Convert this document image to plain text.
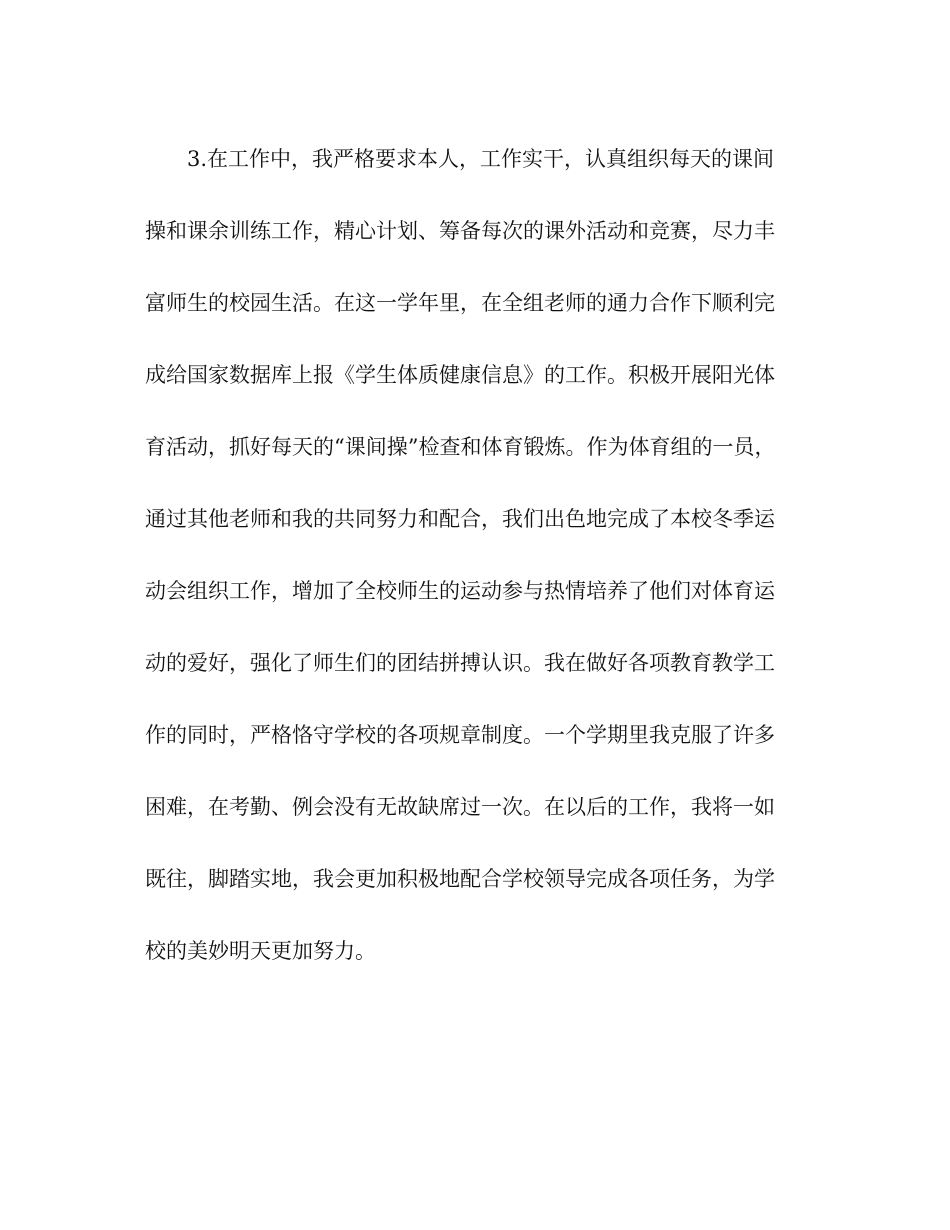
3.在工作中，我严格要求本人，工作实干，认真组织每天的课间
操和课余训练工作，精心计划、筹备每次的课外活动和竞赛，尽力丰
富师生的校园生活。在这一学年里，在全组老师的通力合作下顺利完
成给国家数据库上报《学生体质健康信息》的工作。积极开展阳光体
育活动，抓好每天的“课间操”检查和体育锻炼。作为体育组的一员，
通过其他老师和我的共同努力和配合，我们出色地完成了本校冬季运
动会组织工作，增加了全校师生的运动参与热情培养了他们对体育运
动的爱好，强化了师生们的团结拼搏认识。我在做好各项教育教学工
作的同时，严格恪守学校的各项规章制度。一个学期里我克服了许多
困难，在考勤、例会没有无故缺席过一次。在以后的工作，我将一如
既往，脚踏实地，我会更加积极地配合学校领导完成各项任务，为学
校的美妙明天更加努力。
